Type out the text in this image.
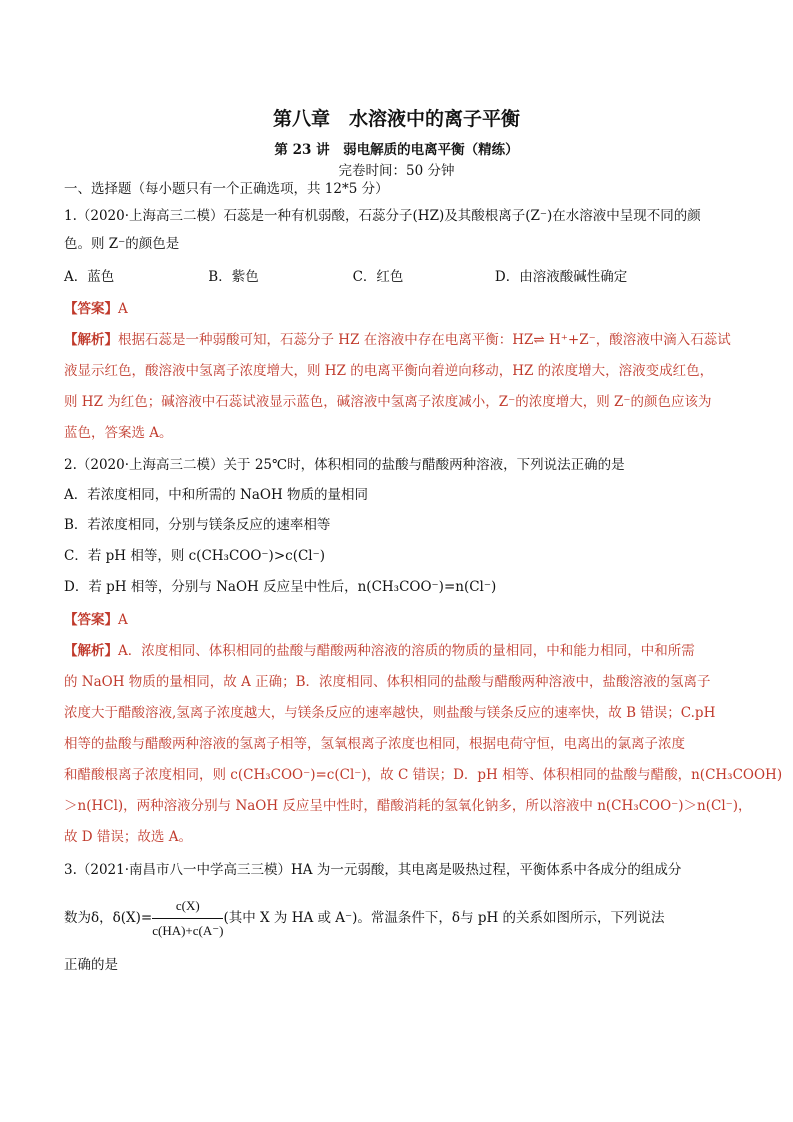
第八章　水溶液中的离子平衡
第 23 讲　弱电解质的电离平衡（精练）
完卷时间：50 分钟
一、选择题（每小题只有一个正确选项，共 12*5 分）
1.（2020·上海高三二模）石蕊是一种有机弱酸，石蕊分子(HZ)及其酸根离子(Z⁻)在水溶液中呈现不同的颜
色。则 Z⁻的颜色是
A．蓝色	B．紫色	C．红色	D．由溶液酸碱性确定
【答案】A
【解析】根据石蕊是一种弱酸可知，石蕊分子 HZ 在溶液中存在电离平衡：HZ⇌ H⁺+Z⁻，酸溶液中滴入石蕊试
液显示红色，酸溶液中氢离子浓度增大，则 HZ 的电离平衡向着逆向移动，HZ 的浓度增大，溶液变成红色，
则 HZ 为红色；碱溶液中石蕊试液显示蓝色，碱溶液中氢离子浓度减小，Z⁻的浓度增大，则 Z⁻的颜色应该为
蓝色，答案选 A。
2.（2020·上海高三二模）关于 25℃时，体积相同的盐酸与醋酸两种溶液，下列说法正确的是
A．若浓度相同，中和所需的 NaOH 物质的量相同
B．若浓度相同，分别与镁条反应的速率相等
C．若 pH 相等，则 c(CH₃COO⁻)>c(Cl⁻)
D．若 pH 相等，分别与 NaOH 反应呈中性后，n(CH₃COO⁻)=n(Cl⁻)
【答案】A
【解析】A．浓度相同、体积相同的盐酸与醋酸两种溶液的溶质的物质的量相同，中和能力相同，中和所需
的 NaOH 物质的量相同，故 A 正确；B．浓度相同、体积相同的盐酸与醋酸两种溶液中，盐酸溶液的氢离子
浓度大于醋酸溶液,氢离子浓度越大，与镁条反应的速率越快，则盐酸与镁条反应的速率快，故 B 错误；C.pH
相等的盐酸与醋酸两种溶液的氢离子相等，氢氧根离子浓度也相同，根据电荷守恒，电离出的氯离子浓度
和醋酸根离子浓度相同，则 c(CH₃COO⁻)=c(Cl⁻)，故 C 错误；D．pH 相等、体积相同的盐酸与醋酸，n(CH₃COOH)
＞n(HCl)，两种溶液分别与 NaOH 反应呈中性时，醋酸消耗的氢氧化钠多，所以溶液中 n(CH₃COO⁻)＞n(Cl⁻)，
故 D 错误；故选 A。
3.（2021·南昌市八一中学高三三模）HA 为一元弱酸，其电离是吸热过程，平衡体系中各成分的组成分
数为δ，$\delta(X)= \frac{c(X)}{c(HA)+c(A^-)}$ (其中 X 为 HA 或 A⁻)。常温条件下，δ与 pH 的关系如图所示，下列说法
正确的是
